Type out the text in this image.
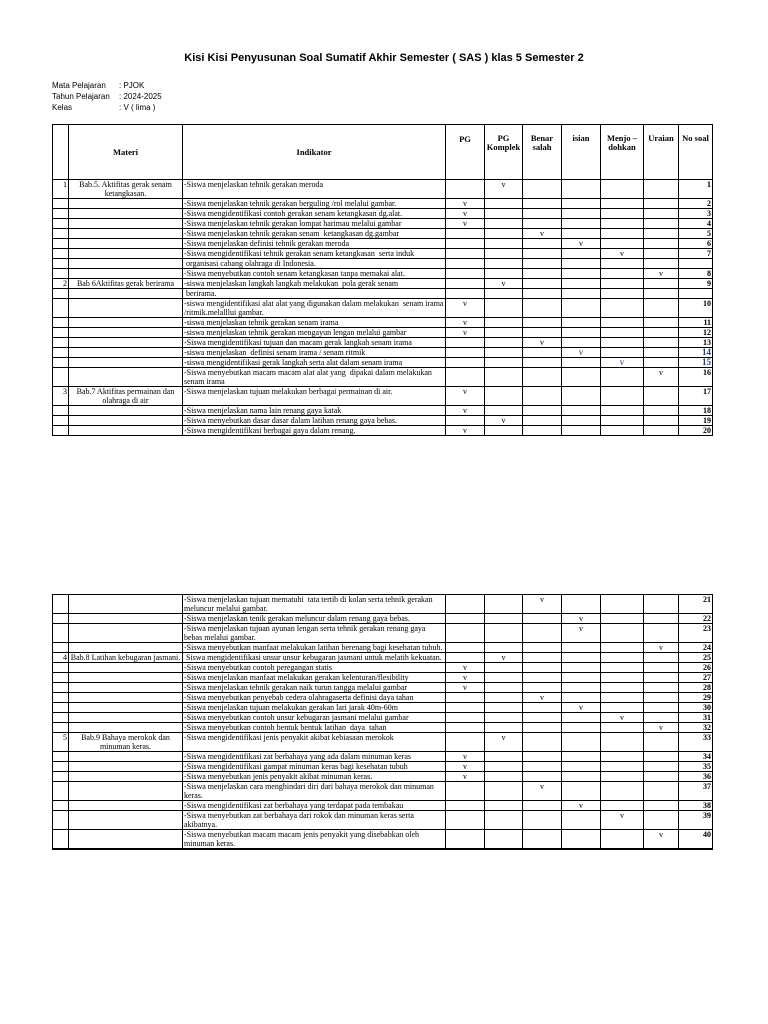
Kisi Kisi Penyusunan Soal Sumatif Akhir Semester ( SAS ) klas 5 Semester 2
Mata Pelajaran : PJOK
Tahun Pelajaran : 2024-2025
Kelas	: V ( lima )
	Materi	Indikator	PG	PG Komplek	Benar salah	isian	Menjo – dohkan	Uraian	No soal
1	Bab.5. Aktifitas gerak senam ketangkasan.	-Siswa menjelaskan tehnik gerakan meroda		v					1
		-Siswa menjelaskan tehnik gerakan berguling /rol melalui gambar.	v						2
		-Siswa mengidentifikasi contoh gerakan senam ketangkasan dg.alat.	v						3
		-Siswa menjelaskan tehnik gerakan lompat harimau melalui gambar	v						4
		-Siswa menjelaskan tehnik gerakan senam  ketangkasan dg.gambar			v				5
		-Siswa menjelaskan definisi tehnik gerakan meroda				v			6
		-Siswa mengidentifikasi tehnik gerakan senam ketangkasan  serta induk					v		7
		organisasi cabang olahraga di Indonesia.							
		-Siswa menyebutkan contoh senam ketangkasan tanpa memakai alat.						v	8
2	Bab 6Aktifitas gerak berirama	-siswa menjelaskan langkah langkah melakukan  pola gerak senam		v					9
		berirama.							
		-siswa mengidentifikasi alat alat yang digunakan dalam melakukan  senam irama /ritmik.melalllui gambar.	v						10
		-siswa menjelaskan tehnik gerakan senam irama	v						11
		-siswa menjelaskan tehnik gerakan mengayun lengan melalui gambar	v						12
		-Siswa mengidentifikasi tujuan dan macam gerak langkah senam irama			v				13
		-siswa menjelaskan  definisi senam irama / senam ritmik				v			14
		-siswa mengidentifikasi gerak langkah serta alat dalam senam irama					v		15
		-Siswa menyebutkan macam macam alat alat yang  dipakai dalam melakukan senam irama						v	16
3	Bab.7 Aktifitas permainan dan olahraga di air	-Siswa menjelaskan tujuan melakukan berbagai permainan di air.	v						17
		-Siswa menjelaskan nama lain renang gaya katak	v						18
		-Siswa menyebutkan dasar dasar dalam latihan renang gaya bebas.		v					19
		-Siswa mengidentifikasi berbagai gaya dalam renang.	v						20
		-Siswa menjelaskan tujuan mematuhi  tata tertib di kolan serta tehnik gerakan meluncur melalui gambar.			v				21
		-Siswa menjelaskan tenik gerakan meluncur dalam renang gaya bebas.				v			22
		-Siswa menjelaskan tujuan ayunan lengan serta tehnik gerakan renang gaya bebas melalui gambar.				v			23
		-Siswa menyebutkan manfaat melakukan latihan berenang bagi kesehatan tubuh.						v	24
4	Bab.8 Latihan kebugaran jasmani.	Siswa mengidentifikasi unsur unsur kebugaran jasmani untuk melatih kekuatan.		v					25
		-Siswa menyebutkan contoh peregangan statis	v						26
		-Siswa menjelaskan manfaat melakukan gerakan kelenturan/flesibility	v						27
		-Siswa menjelaskan tehnik gerakan naik turun tangga melalui gambar	v						28
		-Siswa menyebutkan penyebab cedera olahragaserta definisi daya tahan			v				29
		-Siswa menjelaskan tujuan melakukan gerakan lari jarak 40m-60m				v			30
		-Siswa menyebutkan contoh unsur kebugaran jasmani melalui gambar					v		31
		-Siswa menyebutkan contoh bentuk bentuk latihan  daya  tahan						v	32
5	Bab.9 Bahaya merokok dan minuman keras.	-Siswa mengidentifikasi jenis penyakit akibat kebiasaan merokok		v					33
		-Siswa mengidentifikasi zat berbahaya yang ada dalam minuman keras	v						34
		-Siswa mengidentifikasi gampat minuman keras bagi kesehatan tubuh	v						35
		-Siswa menyebutkan jenis penyakit akibat minuman keras.	v						36
		-Siswa menjelaskan cara menghindari diri dari bahaya merokok dan minuman keras.			v				37
		-Siswa mengidentifikasi zat berbahaya yang terdapat pada tembakau				v			38
		-Siswa menyebutkan zat berbahaya dari rokok dan minuman keras serta akibatnya.					v		39
		-Siswa menyebutkan macam macam jenis penyakit yang disebabkan oleh minuman keras.						v	40
